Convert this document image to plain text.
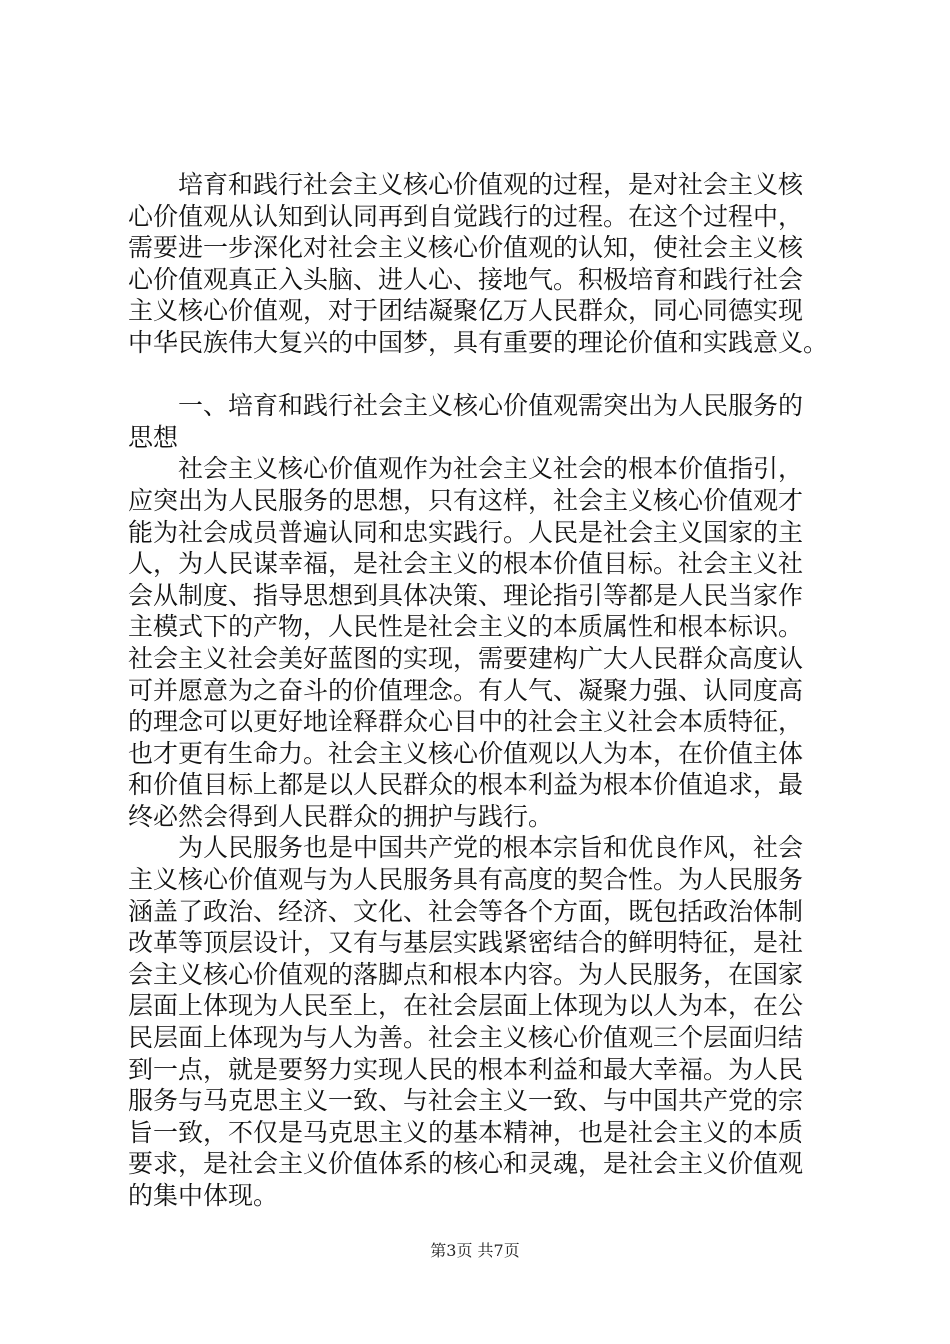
　　培育和践行社会主义核心价值观的过程，是对社会主义核
心价值观从认知到认同再到自觉践行的过程。在这个过程中，
需要进一步深化对社会主义核心价值观的认知，使社会主义核
心价值观真正入头脑、进人心、接地气。积极培育和践行社会
主义核心价值观，对于团结凝聚亿万人民群众，同心同德实现
中华民族伟大复兴的中国梦，具有重要的理论价值和实践意义。
　　一、培育和践行社会主义核心价值观需突出为人民服务的
思想
　　社会主义核心价值观作为社会主义社会的根本价值指引，
应突出为人民服务的思想，只有这样，社会主义核心价值观才
能为社会成员普遍认同和忠实践行。人民是社会主义国家的主
人，为人民谋幸福，是社会主义的根本价值目标。社会主义社
会从制度、指导思想到具体决策、理论指引等都是人民当家作
主模式下的产物，人民性是社会主义的本质属性和根本标识。
社会主义社会美好蓝图的实现，需要建构广大人民群众高度认
可并愿意为之奋斗的价值理念。有人气、凝聚力强、认同度高
的理念可以更好地诠释群众心目中的社会主义社会本质特征，
也才更有生命力。社会主义核心价值观以人为本，在价值主体
和价值目标上都是以人民群众的根本利益为根本价值追求，最
终必然会得到人民群众的拥护与践行。
　　为人民服务也是中国共产党的根本宗旨和优良作风，社会
主义核心价值观与为人民服务具有高度的契合性。为人民服务
涵盖了政治、经济、文化、社会等各个方面，既包括政治体制
改革等顶层设计，又有与基层实践紧密结合的鲜明特征，是社
会主义核心价值观的落脚点和根本内容。为人民服务，在国家
层面上体现为人民至上，在社会层面上体现为以人为本，在公
民层面上体现为与人为善。社会主义核心价值观三个层面归结
到一点，就是要努力实现人民的根本利益和最大幸福。为人民
服务与马克思主义一致、与社会主义一致、与中国共产党的宗
旨一致，不仅是马克思主义的基本精神，也是社会主义的本质
要求，是社会主义价值体系的核心和灵魂，是社会主义价值观
的集中体现。
第3页 共7页
